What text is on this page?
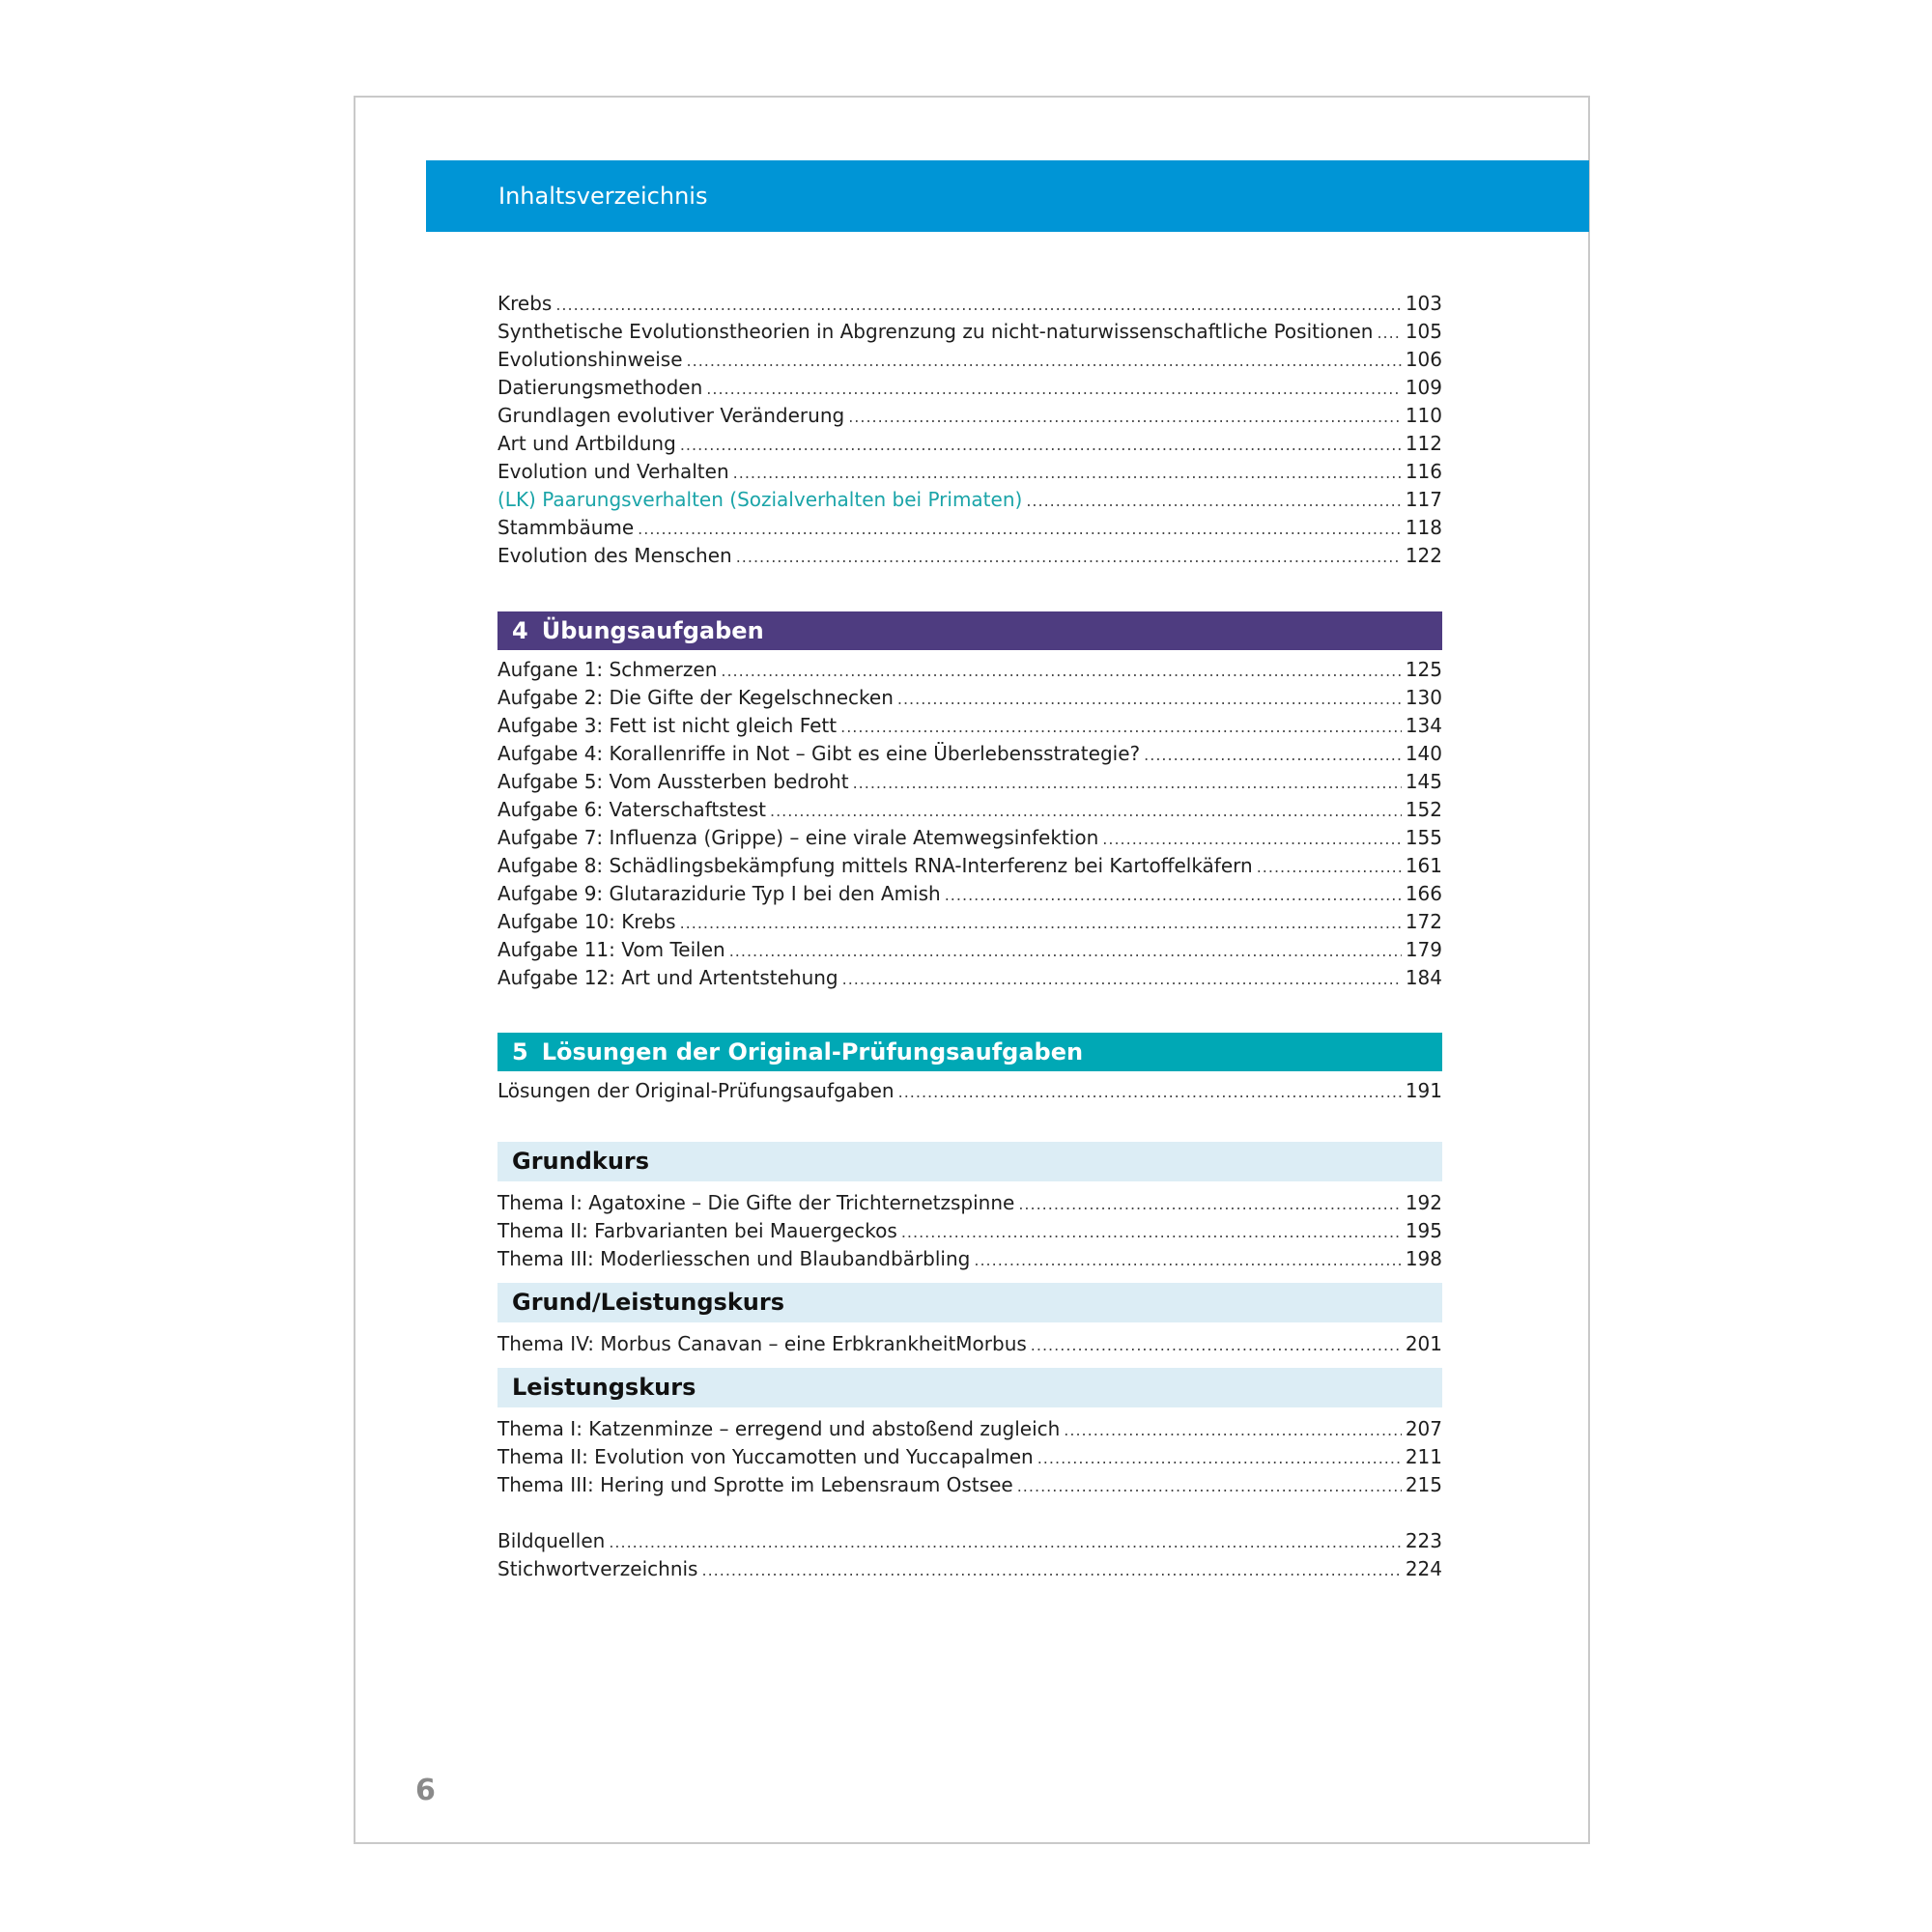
Inhaltsverzeichnis
Krebs .....	103
Synthetische Evolutionstheorien in Abgrenzung zu nicht-naturwissenschaftliche Positionen ..... 105
Evolutionshinweise .....	106
Datierungsmethoden .....	109
Grundlagen evolutiver Veränderung .....	110
Art und Artbildung .....	112
Evolution und Verhalten .....	116
(LK) Paarungsverhalten (Sozialverhalten bei Primaten) .....	117
Stammbäume .....	118
Evolution des Menschen .....	122
4 Übungsaufgaben
Aufgane 1: Schmerzen .....	125
Aufgabe 2: Die Gifte der Kegelschnecken .....	130
Aufgabe 3: Fett ist nicht gleich Fett .....	134
Aufgabe 4: Korallenriffe in Not – Gibt es eine Überlebensstrategie? .....	140
Aufgabe 5: Vom Aussterben bedroht .....	145
Aufgabe 6: Vaterschaftstest .....	152
Aufgabe 7: Influenza (Grippe) – eine virale Atemwegsinfektion .....	155
Aufgabe 8: Schädlingsbekämpfung mittels RNA-Interferenz bei Kartoffelkäfern .....	161
Aufgabe 9: Glutarazidurie Typ I bei den Amish .....	166
Aufgabe 10: Krebs .....	172
Aufgabe 11: Vom Teilen .....	179
Aufgabe 12: Art und Artentstehung .....	184
5 Lösungen der Original-Prüfungsaufgaben
Lösungen der Original-Prüfungsaufgaben .....	191
Grundkurs
Thema I: Agatoxine – Die Gifte der Trichternetzspinne .....	192
Thema II: Farbvarianten bei Mauergeckos .....	195
Thema III: Moderliesschen und Blaubandbärbling .....	198
Grund/Leistungskurs
Thema IV: Morbus Canavan – eine ErbkrankheitMorbus .....	201
Leistungskurs
Thema I: Katzenminze – erregend und abstoßend zugleich .....	207
Thema II: Evolution von Yuccamotten und Yuccapalmen .....	211
Thema III: Hering und Sprotte im Lebensraum Ostsee .....	215
Bildquellen .....	223
Stichwortverzeichnis .....	224
6
